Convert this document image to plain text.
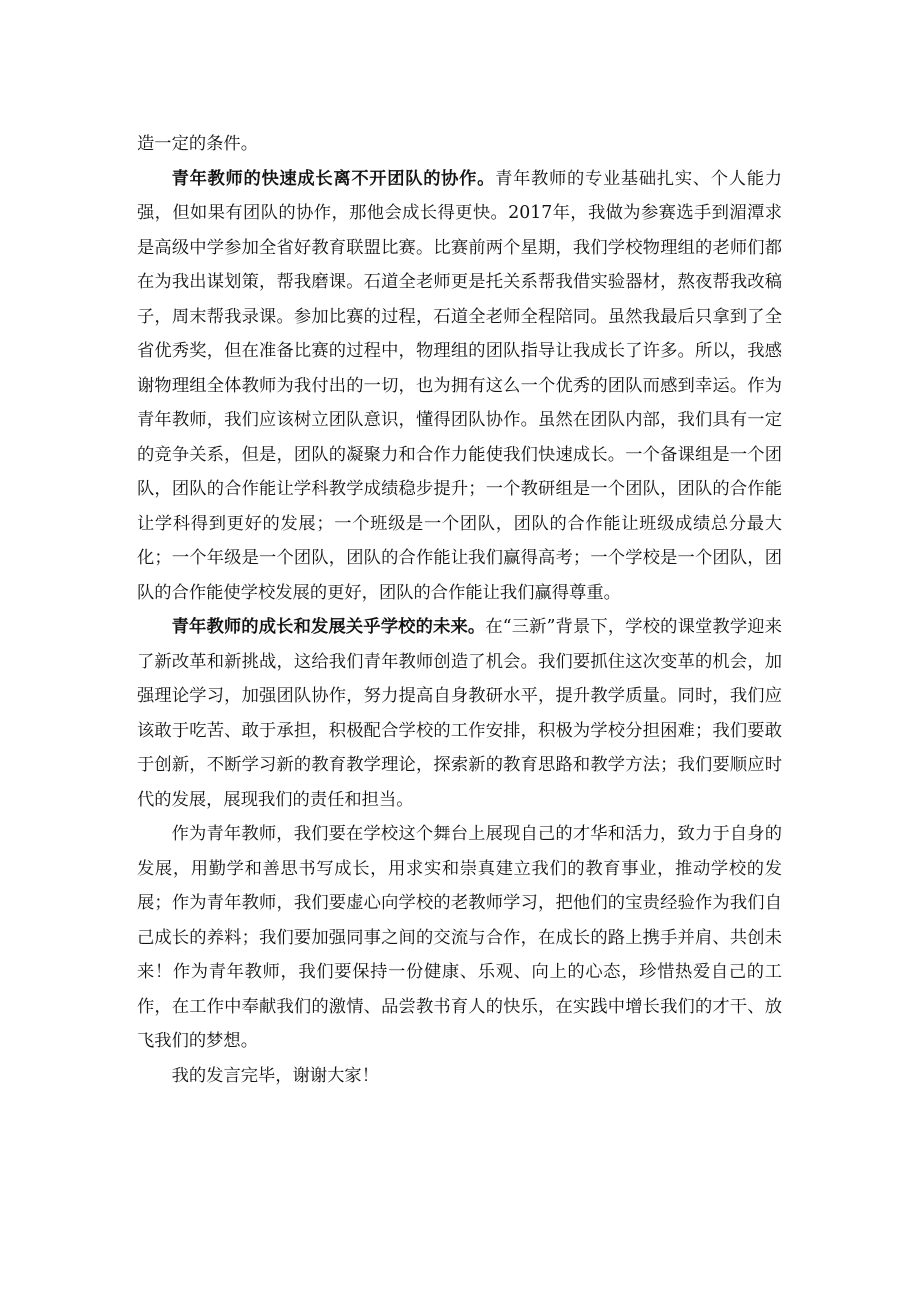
造一定的条件。

青年教师的快速成长离不开团队的协作。青年教师的专业基础扎实、个人能力强，但如果有团队的协作，那他会成长得更快。2017年，我做为参赛选手到湄潭求是高级中学参加全省好教育联盟比赛。比赛前两个星期，我们学校物理组的老师们都在为我出谋划策，帮我磨课。石道全老师更是托关系帮我借实验器材，熬夜帮我改稿子，周末帮我录课。参加比赛的过程，石道全老师全程陪同。虽然我最后只拿到了全省优秀奖，但在准备比赛的过程中，物理组的团队指导让我成长了许多。所以，我感谢物理组全体教师为我付出的一切，也为拥有这么一个优秀的团队而感到幸运。作为青年教师，我们应该树立团队意识，懂得团队协作。虽然在团队内部，我们具有一定的竞争关系，但是，团队的凝聚力和合作力能使我们快速成长。一个备课组是一个团队，团队的合作能让学科教学成绩稳步提升；一个教研组是一个团队，团队的合作能让学科得到更好的发展；一个班级是一个团队，团队的合作能让班级成绩总分最大化；一个年级是一个团队，团队的合作能让我们赢得高考；一个学校是一个团队，团队的合作能使学校发展的更好，团队的合作能让我们赢得尊重。

青年教师的成长和发展关乎学校的未来。在“三新”背景下，学校的课堂教学迎来了新改革和新挑战，这给我们青年教师创造了机会。我们要抓住这次变革的机会，加强理论学习，加强团队协作，努力提高自身教研水平，提升教学质量。同时，我们应该敢于吃苦、敢于承担，积极配合学校的工作安排，积极为学校分担困难；我们要敢于创新，不断学习新的教育教学理论，探索新的教育思路和教学方法；我们要顺应时代的发展，展现我们的责任和担当。

作为青年教师，我们要在学校这个舞台上展现自己的才华和活力，致力于自身的发展，用勤学和善思书写成长，用求实和崇真建立我们的教育事业，推动学校的发展；作为青年教师，我们要虚心向学校的老教师学习，把他们的宝贵经验作为我们自己成长的养料；我们要加强同事之间的交流与合作，在成长的路上携手并肩、共创未来！作为青年教师，我们要保持一份健康、乐观、向上的心态，珍惜热爱自己的工作，在工作中奉献我们的激情、品尝教书育人的快乐，在实践中增长我们的才干、放飞我们的梦想。

我的发言完毕，谢谢大家！
